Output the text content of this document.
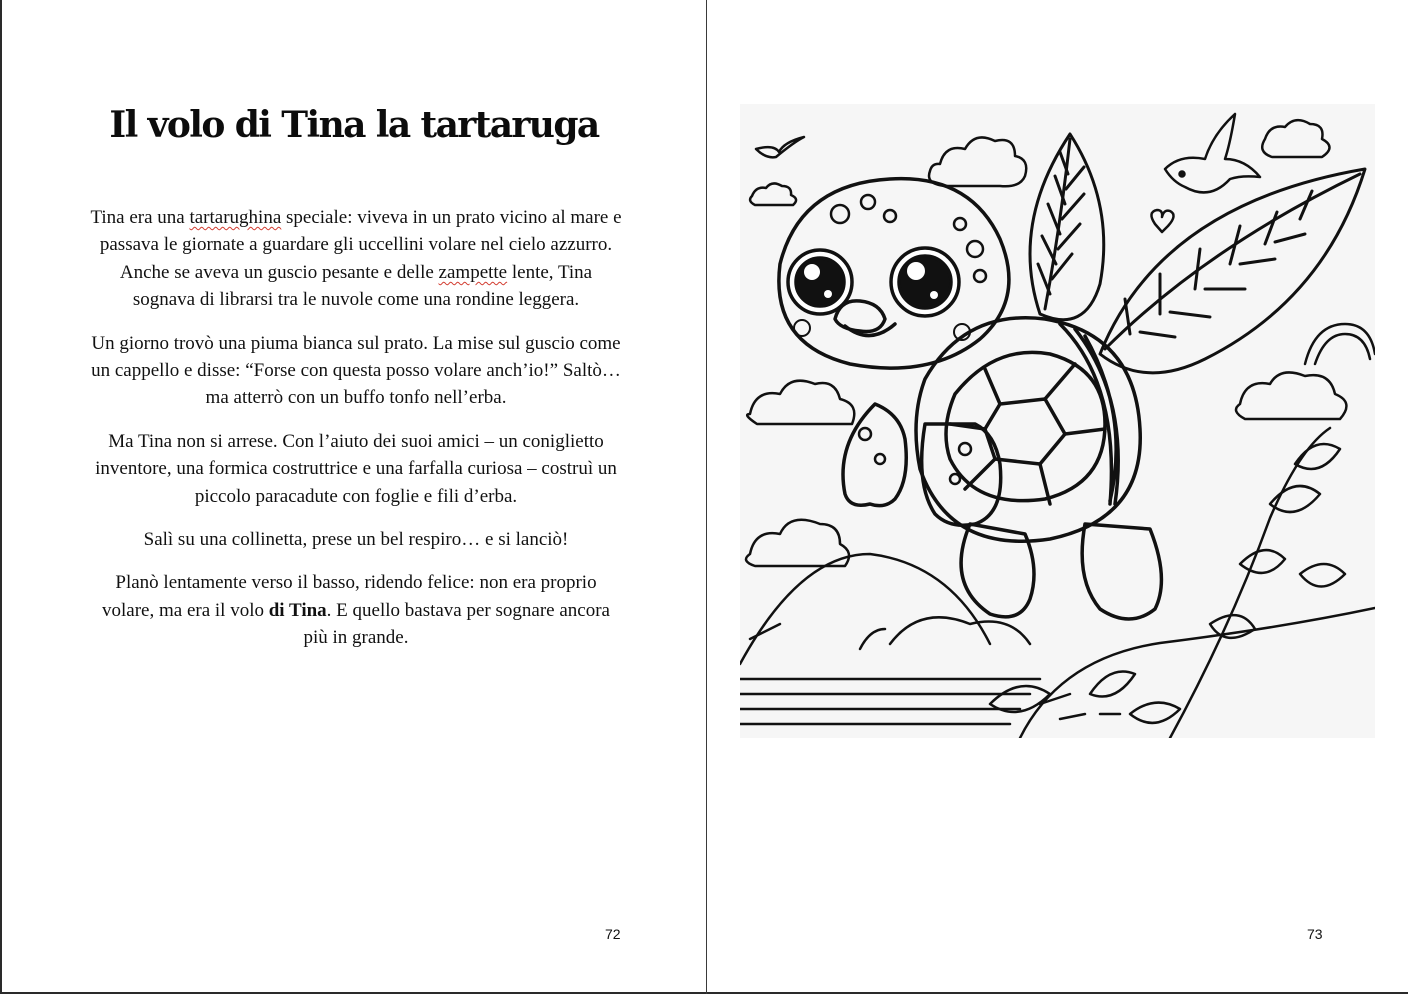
Il volo di Tina la tartaruga

Tina era una tartarughina speciale: viveva in un prato vicino al mare e passava le giornate a guardare gli uccellini volare nel cielo azzurro. Anche se aveva un guscio pesante e delle zampette lente, Tina sognava di librarsi tra le nuvole come una rondine leggera.

Un giorno trovò una piuma bianca sul prato. La mise sul guscio come un cappello e disse: “Forse con questa posso volare anch’io!” Saltò… ma atterrò con un buffo tonfo nell’erba.

Ma Tina non si arrese. Con l’aiuto dei suoi amici – un coniglietto inventore, una formica costruttrice e una farfalla curiosa – costruì un piccolo paracadute con foglie e fili d’erba.

Salì su una collinetta, prese un bel respiro… e si lanciò!

Planò lentamente verso il basso, ridendo felice: non era proprio volare, ma era il volo di Tina. E quello bastava per sognare ancora più in grande.

72	73
